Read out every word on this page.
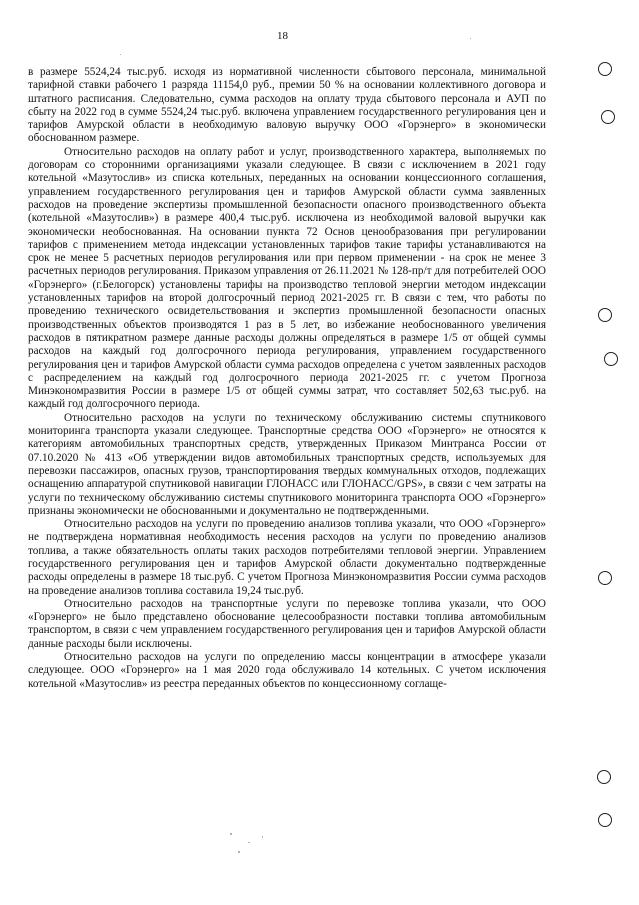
18

в размере 5524,24 тыс.руб. исходя из нормативной численности сбытового персонала, минимальной тарифной ставки рабочего 1 разряда 11154,0 руб., премии 50 % на основании коллективного договора и штатного расписания. Следовательно, сумма расходов на оплату труда сбытового персонала и АУП по сбыту на 2022 год в сумме 5524,24 тыс.руб. включена управлением государственного регулирования цен и тарифов Амурской области в необходимую валовую выручку ООО «Горэнерго» в экономически обоснованном размере.

Относительно расходов на оплату работ и услуг, производственного характера, выполняемых по договорам со сторонними организациями указали следующее. В связи с исключением в 2021 году котельной «Мазутослив» из списка котельных, переданных на основании концессионного соглашения, управлением государственного регулирования цен и тарифов Амурской области сумма заявленных расходов на проведение экспертизы промышленной безопасности опасного производственного объекта (котельной «Мазутослив») в размере 400,4 тыс.руб. исключена из необходимой валовой выручки как экономически необоснованная. На основании пункта 72 Основ ценообразования при регулировании тарифов с применением метода индексации установленных тарифов такие тарифы устанавливаются на срок не менее 5 расчетных периодов регулирования или при первом применении - на срок не менее 3 расчетных периодов регулирования. Приказом управления от 26.11.2021 № 128-пр/т для потребителей ООО «Горэнерго» (г.Белогорск) установлены тарифы на производство тепловой энергии методом индексации установленных тарифов на второй долгосрочный период 2021-2025 гг. В связи с тем, что работы по проведению технического освидетельствования и экспертиз промышленной безопасности опасных производственных объектов производятся 1 раз в 5 лет, во избежание необоснованного увеличения расходов в пятикратном размере данные расходы должны определяться в размере 1/5 от общей суммы расходов на каждый год долгосрочного периода регулирования, управлением государственного регулирования цен и тарифов Амурской области сумма расходов определена с учетом заявленных расходов с распределением на каждый год долгосрочного периода 2021-2025 гг. с учетом Прогноза Минэкономразвития России в размере 1/5 от общей суммы затрат, что составляет 502,63 тыс.руб. на каждый год долгосрочного периода.

Относительно расходов на услуги по техническому обслуживанию системы спутникового мониторинга транспорта указали следующее. Транспортные средства ООО «Горэнерго» не относятся к категориям автомобильных транспортных средств, утвержденных Приказом Минтранса России от 07.10.2020 № 413 «Об утверждении видов автомобильных транспортных средств, используемых для перевозки пассажиров, опасных грузов, транспортирования твердых коммунальных отходов, подлежащих оснащению аппаратурой спутниковой навигации ГЛОНАСС или ГЛОНАСС/GPS», в связи с чем затраты на услуги по техническому обслуживанию системы спутникового мониторинга транспорта ООО «Горэнерго» признаны экономически не обоснованными и документально не подтвержденными.

Относительно расходов на услуги по проведению анализов топлива указали, что ООО «Горэнерго» не подтверждена нормативная необходимость несения расходов на услуги по проведению анализов топлива, а также обязательность оплаты таких расходов потребителями тепловой энергии. Управлением государственного регулирования цен и тарифов Амурской области документально подтвержденные расходы определены в размере 18 тыс.руб. С учетом Прогноза Минэкономразвития России сумма расходов на проведение анализов топлива составила 19,24 тыс.руб.

Относительно расходов на транспортные услуги по перевозке топлива указали, что ООО «Горэнерго» не было представлено обоснование целесообразности поставки топлива автомобильным транспортом, в связи с чем управлением государственного регулирования цен и тарифов Амурской области данные расходы были исключены.

Относительно расходов на услуги по определению массы концентрации в атмосфере указали следующее. ООО «Горэнерго» на 1 мая 2020 года обслуживало 14 котельных. С учетом исключения котельной «Мазутослив» из реестра переданных объектов по концессионному соглаще-
